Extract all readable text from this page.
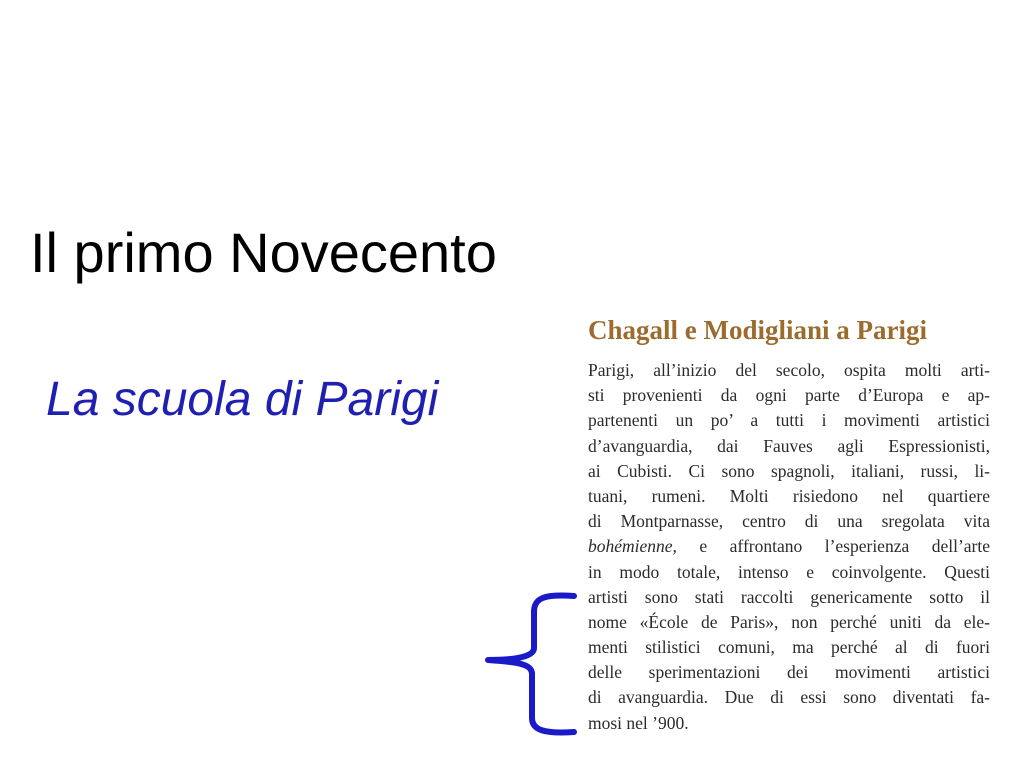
Il primo Novecento
La scuola di Parigi
Chagall e Modigliani a Parigi
Parigi, all’inizio del secolo, ospita molti arti-
sti provenienti da ogni parte d’Europa e ap-
partenenti un po’ a tutti i movimenti artistici
d’avanguardia, dai Fauves agli Espressionisti,
ai Cubisti. Ci sono spagnoli, italiani, russi, li-
tuani, rumeni. Molti risiedono nel quartiere
di Montparnasse, centro di una sregolata vita
bohémienne, e affrontano l’esperienza dell’arte
in modo totale, intenso e coinvolgente. Questi
artisti sono stati raccolti genericamente sotto il
nome «École de Paris», non perché uniti da ele-
menti stilistici comuni, ma perché al di fuori
delle sperimentazioni dei movimenti artistici
di avanguardia. Due di essi sono diventati fa-
mosi nel ’900.
